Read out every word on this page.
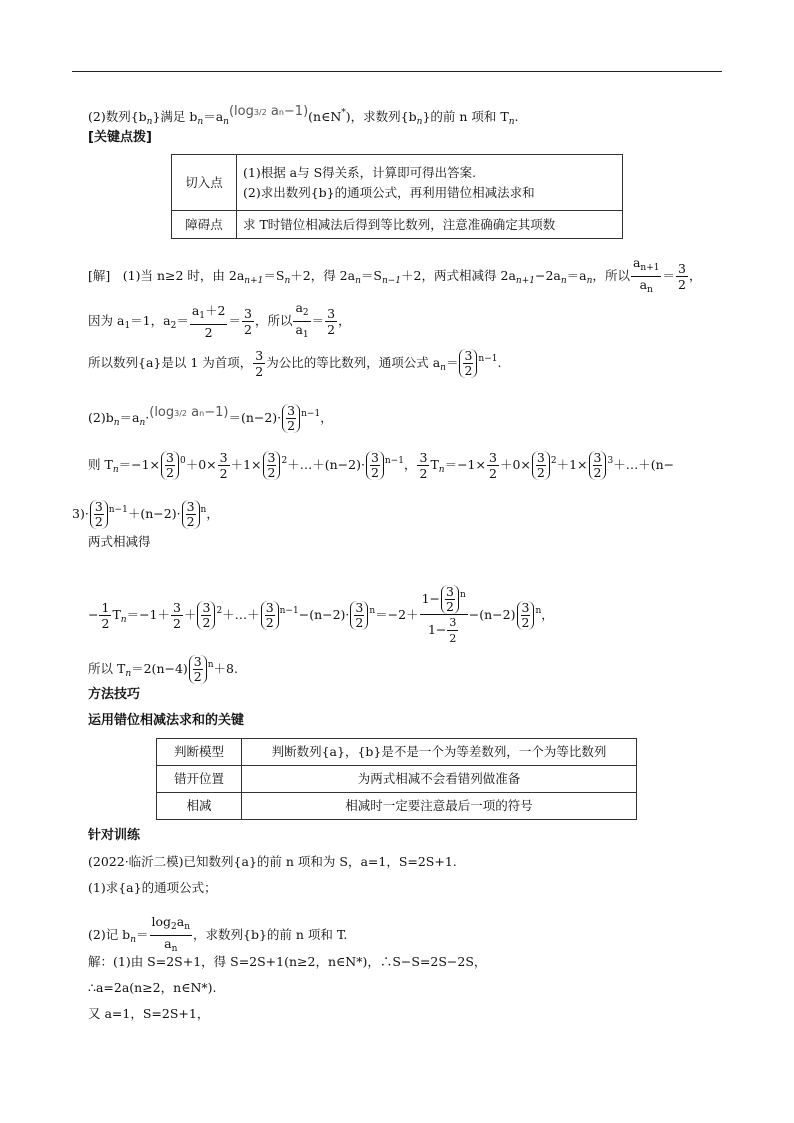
(2)数列$\{b_n\}$满足 $b_n=a_n(\log 3/2$ an−1)(n∈N*)，求数列$\{b_n\}$的前 n 项和 $T_n$.
[关键点拨]
切入点	(1)根据 a与 S得关系，计算即可得出答案.
(2)求出数列{b}的通项公式，再利用错位相减法求和

障碍点	求 T时错位相减法后得到等比数列，注意准确确定其项数
[解]　 (1)当 n≥2 时，由 $2a_{n+1}=S_n+2$，得 $2a_n=S_{n-1}+2$，两式相减得 $2a_{n+1}-2a_n=a_n$，所以 $\frac{a_{n+1}}{a_n} = \frac{3}{2}$ ，
因为 $a_1=1$，$a_2= \frac{a_1+2}{2} = \frac{3}{2}$ ，所以 $\frac{a_2}{a_1} = \frac{3}{2}$ ，
所以数列{a}是以 1 为首项， $\frac{3}{2}$ 为公比的等比数列，通项公式 $a_n= \frac{3}{2} ^{n-1}$.
$(2)b_n=a_n\cdot(\log 3/2$ $an-1)=(n-2)\cdot \frac{3}{2} ^{n-1}$，
则 $T_n=-1\times \frac{3}{2} ^0+0\times \frac{3}{2} +1\times \frac{3}{2}$ $^2$＋…＋(n−2)· $\frac{3}{2} ^{n-1}$， $\frac{3}{2} T_n=-1\times \frac{3}{2} +0\times \frac{3}{2} ^2+1\times \frac{3}{2}$ $^3$＋…＋(n−
$3)\cdot \frac{3}{2} ^{n-1}+(n-2)\cdot \frac{3}{2} ^n$，
两式相减得
− $\frac{1}{2} T_n=-1+ \frac{3}{2} + \frac{3}{2}$ $^2$＋…＋ $\frac{3}{2} ^{n-1}-(n-2)\cdot \frac{3}{2} ^n=-2+ \frac{1- \frac{3}{2} ^n}{1- \frac{3}{2}} -(n-2) \frac{3}{2} ^n$，
所以 $T_n=2(n-4) \frac{3}{2} ^n+8$.
方法技巧
运用错位相减法求和的关键
判断模型	判断数列{a}，{b}是不是一个为等差数列，一个为等比数列
错开位置	为两式相减不会看错列做准备
相减	相减时一定要注意最后一项的符号
针对训练
(2022·临沂二模)已知数列{a}的前 n 项和为 S，a=1，S=2S+1.
(1)求{a}的通项公式；
(2)记 $b_n= \frac{\log_2a_n}{a_n}$ ，求数列{b}的前 n 项和 T.
解：(1)由 S=2S+1，得 S=2S+1(n≥2，n∈N*)，∴S−S=2S−2S，
∴a=2a(n≥2，n∈N*).
又 a=1，S=2S+1，
